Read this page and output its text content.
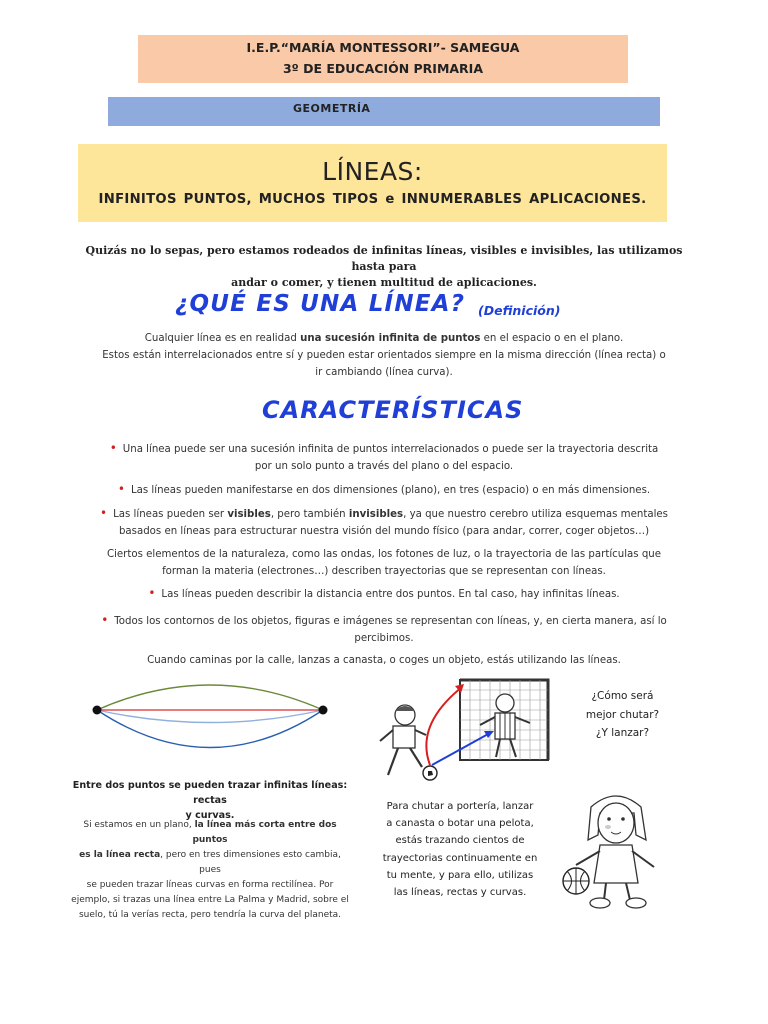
I.E.P.“MARÍA MONTESSORI”- SAMEGUA
3º DE EDUCACIÓN PRIMARIA
GEOMETRÍA
LÍNEAS:
INFINITOS PUNTOS, MUCHOS TIPOS e INNUMERABLES APLICACIONES.
Quizás no lo sepas, pero estamos rodeados de infinitas líneas, visibles e invisibles, las utilizamos hasta para
andar o comer, y tienen multitud de aplicaciones.
¿QUÉ ES UNA LÍNEA? (Definición)
Cualquier línea es en realidad una sucesión infinita de puntos en el espacio o en el plano.
Estos están interrelacionados entre sí y pueden estar orientados siempre en la misma dirección (línea recta) o
ir cambiando (línea curva).
CARACTERÍSTICAS
• Una línea puede ser una sucesión infinita de puntos interrelacionados o puede ser la trayectoria descrita
por un solo punto a través del plano o del espacio.
• Las líneas pueden manifestarse en dos dimensiones (plano), en tres (espacio) o en más dimensiones.
• Las líneas pueden ser visibles, pero también invisibles, ya que nuestro cerebro utiliza esquemas mentales
basados en líneas para estructurar nuestra visión del mundo físico (para andar, correr, coger objetos…)
Ciertos elementos de la naturaleza, como las ondas, los fotones de luz, o la trayectoria de las partículas que
forman la materia (electrones…) describen trayectorias que se representan con líneas.
• Las líneas pueden describir la distancia entre dos puntos. En tal caso, hay infinitas líneas.
• Todos los contornos de los objetos, figuras e imágenes se representan con líneas, y, en cierta manera, así lo
percibimos.
Cuando caminas por la calle, lanzas a canasta, o coges un objeto, estás utilizando las líneas.
Entre dos puntos se pueden trazar infinitas líneas: rectas
y curvas.
Si estamos en un plano, la línea más corta entre dos puntos
es la línea recta, pero en tres dimensiones esto cambia, pues
se pueden trazar líneas curvas en forma rectilínea. Por
ejemplo, si trazas una línea entre La Palma y Madrid, sobre el
suelo, tú la verías recta, pero tendría la curva del planeta.
¿Cómo será
mejor chutar?
¿Y lanzar?
Para chutar a portería, lanzar
a canasta o botar una pelota,
estás trazando cientos de
trayectorias continuamente en
tu mente, y para ello, utilizas
las líneas, rectas y curvas.
